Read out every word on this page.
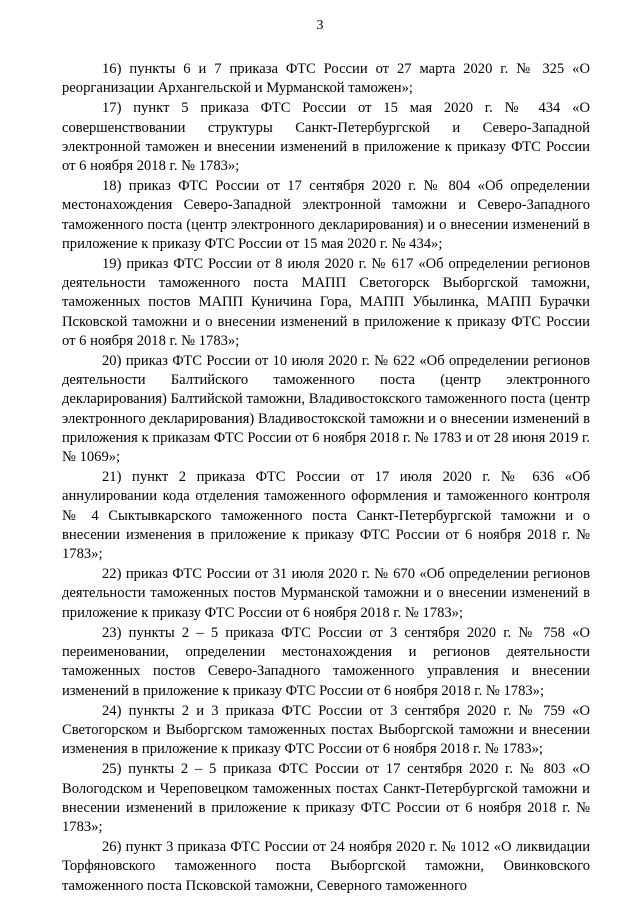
3

16) пункты 6 и 7 приказа ФТС России от 27 марта 2020 г. № 325 «О реорганизации Архангельской и Мурманской таможен»;

17) пункт 5 приказа ФТС России от 15 мая 2020 г. № 434 «О совершенствовании структуры Санкт-Петербургской и Северо-Западной электронной таможен и внесении изменений в приложение к приказу ФТС России от 6 ноября 2018 г. № 1783»;

18) приказ ФТС России от 17 сентября 2020 г. № 804 «Об определении местонахождения Северо-Западной электронной таможни и Северо-Западного таможенного поста (центр электронного декларирования) и о внесении изменений в приложение к приказу ФТС России от 15 мая 2020 г. № 434»;

19) приказ ФТС России от 8 июля 2020 г. № 617 «Об определении регионов деятельности таможенного поста МАПП Светогорск Выборгской таможни, таможенных постов МАПП Куничина Гора, МАПП Убылинка, МАПП Бурачки Псковской таможни и о внесении изменений в приложение к приказу ФТС России от 6 ноября 2018 г. № 1783»;

20) приказ ФТС России от 10 июля 2020 г. № 622 «Об определении регионов деятельности Балтийского таможенного поста (центр электронного декларирования) Балтийской таможни, Владивостокского таможенного поста (центр электронного декларирования) Владивостокской таможни и о внесении изменений в приложения к приказам ФТС России от 6 ноября 2018 г. № 1783 и от 28 июня 2019 г. № 1069»;

21) пункт 2 приказа ФТС России от 17 июля 2020 г. № 636 «Об аннулировании кода отделения таможенного оформления и таможенного контроля № 4 Сыктывкарского таможенного поста Санкт-Петербургской таможни и о внесении изменения в приложение к приказу ФТС России от 6 ноября 2018 г. № 1783»;

22) приказ ФТС России от 31 июля 2020 г. № 670 «Об определении регионов деятельности таможенных постов Мурманской таможни и о внесении изменений в приложение к приказу ФТС России от 6 ноября 2018 г. № 1783»;

23) пункты 2 – 5 приказа ФТС России от 3 сентября 2020 г. № 758 «О переименовании, определении местонахождения и регионов деятельности таможенных постов Северо-Западного таможенного управления и внесении изменений в приложение к приказу ФТС России от 6 ноября 2018 г. № 1783»;

24) пункты 2 и 3 приказа ФТС России от 3 сентября 2020 г. № 759 «О Светогорском и Выборгском таможенных постах Выборгской таможни и внесении изменения в приложение к приказу ФТС России от 6 ноября 2018 г. № 1783»;

25) пункты 2 – 5 приказа ФТС России от 17 сентября 2020 г. № 803 «О Вологодском и Череповецком таможенных постах Санкт-Петербургской таможни и внесении изменений в приложение к приказу ФТС России от 6 ноября 2018 г. № 1783»;

26) пункт 3 приказа ФТС России от 24 ноября 2020 г. № 1012 «О ликвидации Торфяновского таможенного поста Выборгской таможни, Овинковского таможенного поста Псковской таможни, Северного таможенного
